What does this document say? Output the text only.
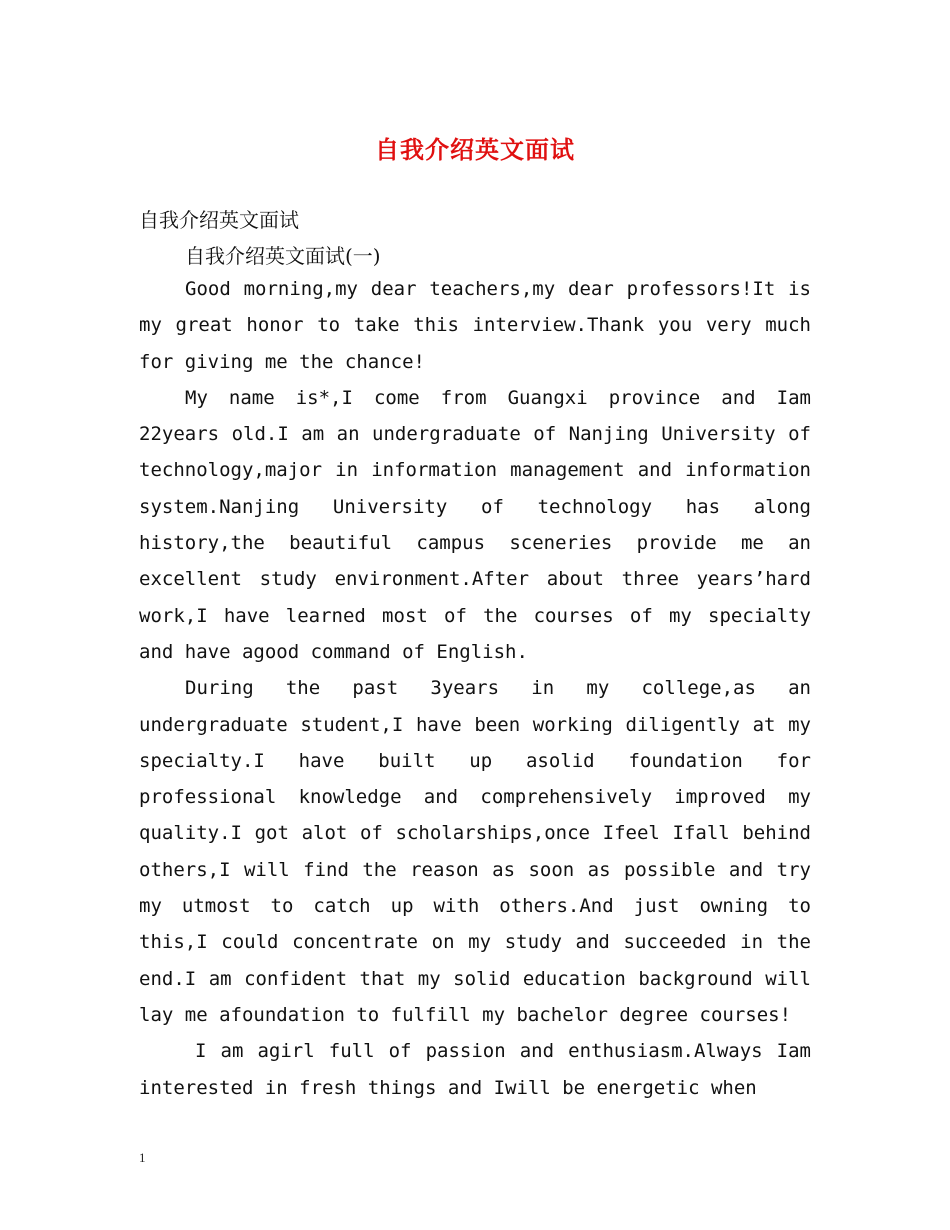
自我介绍英文面试

自我介绍英文面试

自我介绍英文面试(一)

Good morning,my dear teachers,my dear professors!It is my great honor to take this interview.Thank you very much for giving me the chance!

My name is*,I come from Guangxi province and Iam 22years old.I am an undergraduate of Nanjing University of technology,major in information management and information system.Nanjing University of technology has along history,the beautiful campus sceneries provide me an excellent study environment.After about three years’hard work,I have learned most of the courses of my specialty and have agood command of English.

During the past 3years in my college,as an undergraduate student,I have been working diligently at my specialty.I have built up asolid foundation for professional knowledge and comprehensively improved my quality.I got alot of scholarships,once Ifeel Ifall behind others,I will find the reason as soon as possible and try my utmost to catch up with others.And just owning to this,I could concentrate on my study and succeeded in the end.I am confident that my solid education background will lay me afoundation to fulfill my bachelor degree courses!

I am agirl full of passion and enthusiasm.Always Iam interested in fresh things and Iwill be energetic when

1
